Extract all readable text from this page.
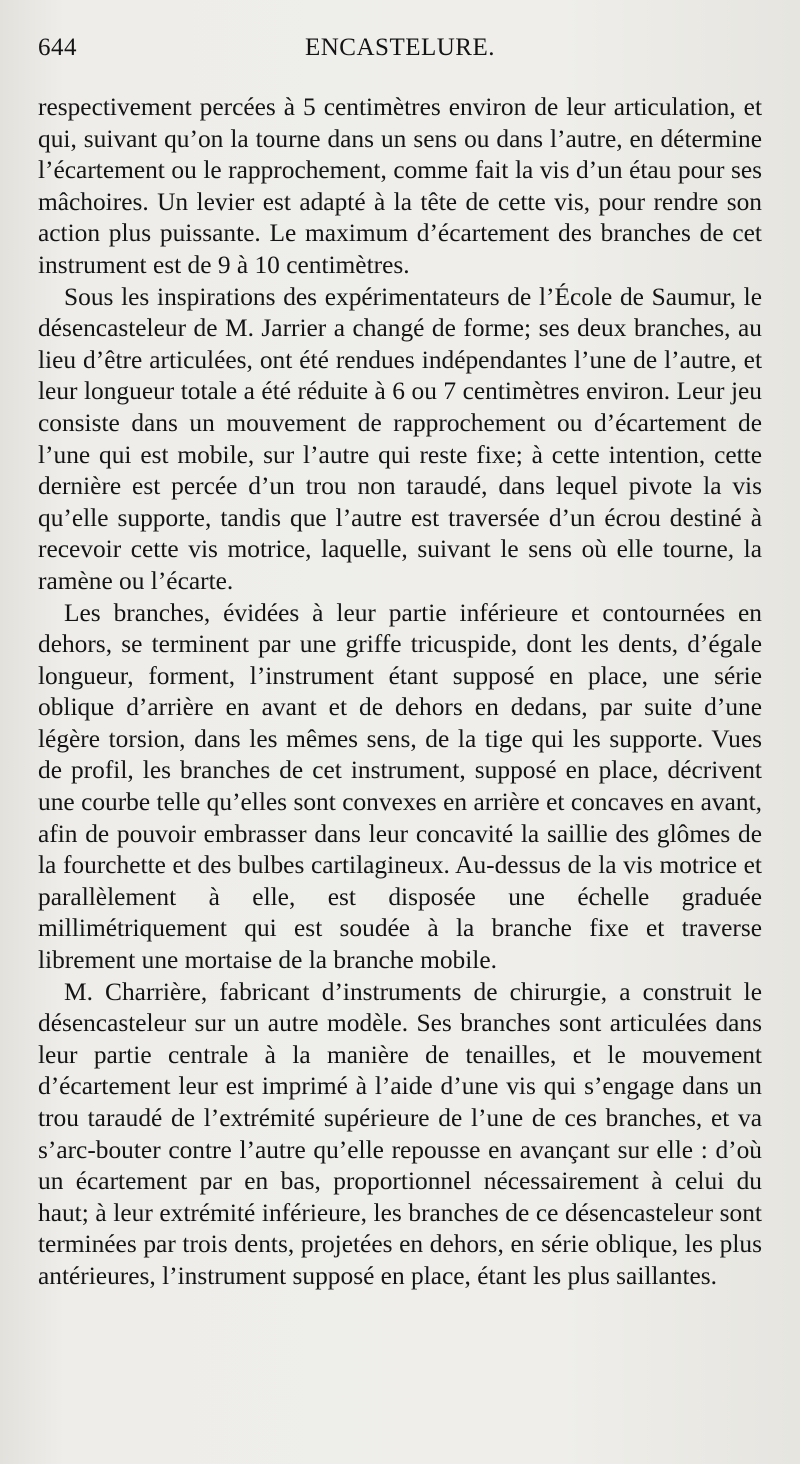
644	ENCASTELURE.

respectivement percées à 5 centimètres environ de leur articulation, et qui, suivant qu’on la tourne dans un sens ou dans l’autre, en détermine l’écartement ou le rapprochement, comme fait la vis d’un étau pour ses mâchoires. Un levier est adapté à la tête de cette vis, pour rendre son action plus puissante. Le maximum d’écartement des branches de cet instrument est de 9 à 10 centimètres.

Sous les inspirations des expérimentateurs de l’École de Saumur, le désencasteleur de M. Jarrier a changé de forme; ses deux branches, au lieu d’être articulées, ont été rendues indépendantes l’une de l’autre, et leur longueur totale a été réduite à 6 ou 7 centimètres environ. Leur jeu consiste dans un mouvement de rapprochement ou d’écartement de l’une qui est mobile, sur l’autre qui reste fixe; à cette intention, cette dernière est percée d’un trou non taraudé, dans lequel pivote la vis qu’elle supporte, tandis que l’autre est traversée d’un écrou destiné à recevoir cette vis motrice, laquelle, suivant le sens où elle tourne, la ramène ou l’écarte.

Les branches, évidées à leur partie inférieure et contournées en dehors, se terminent par une griffe tricuspide, dont les dents, d’égale longueur, forment, l’instrument étant supposé en place, une série oblique d’arrière en avant et de dehors en dedans, par suite d’une légère torsion, dans les mêmes sens, de la tige qui les supporte. Vues de profil, les branches de cet instrument, supposé en place, décrivent une courbe telle qu’elles sont convexes en arrière et concaves en avant, afin de pouvoir embrasser dans leur concavité la saillie des glômes de la fourchette et des bulbes cartilagineux. Au-dessus de la vis motrice et parallèlement à elle, est disposée une échelle graduée millimétriquement qui est soudée à la branche fixe et traverse librement une mortaise de la branche mobile.

M. Charrière, fabricant d’instruments de chirurgie, a construit le désencasteleur sur un autre modèle. Ses branches sont articulées dans leur partie centrale à la manière de tenailles, et le mouvement d’écartement leur est imprimé à l’aide d’une vis qui s’engage dans un trou taraudé de l’extrémité supérieure de l’une de ces branches, et va s’arc-bouter contre l’autre qu’elle repousse en avançant sur elle : d’où un écartement par en bas, proportionnel nécessairement à celui du haut; à leur extrémité inférieure, les branches de ce désencasteleur sont terminées par trois dents, projetées en dehors, en série oblique, les plus antérieures, l’instrument supposé en place, étant les plus saillantes.
